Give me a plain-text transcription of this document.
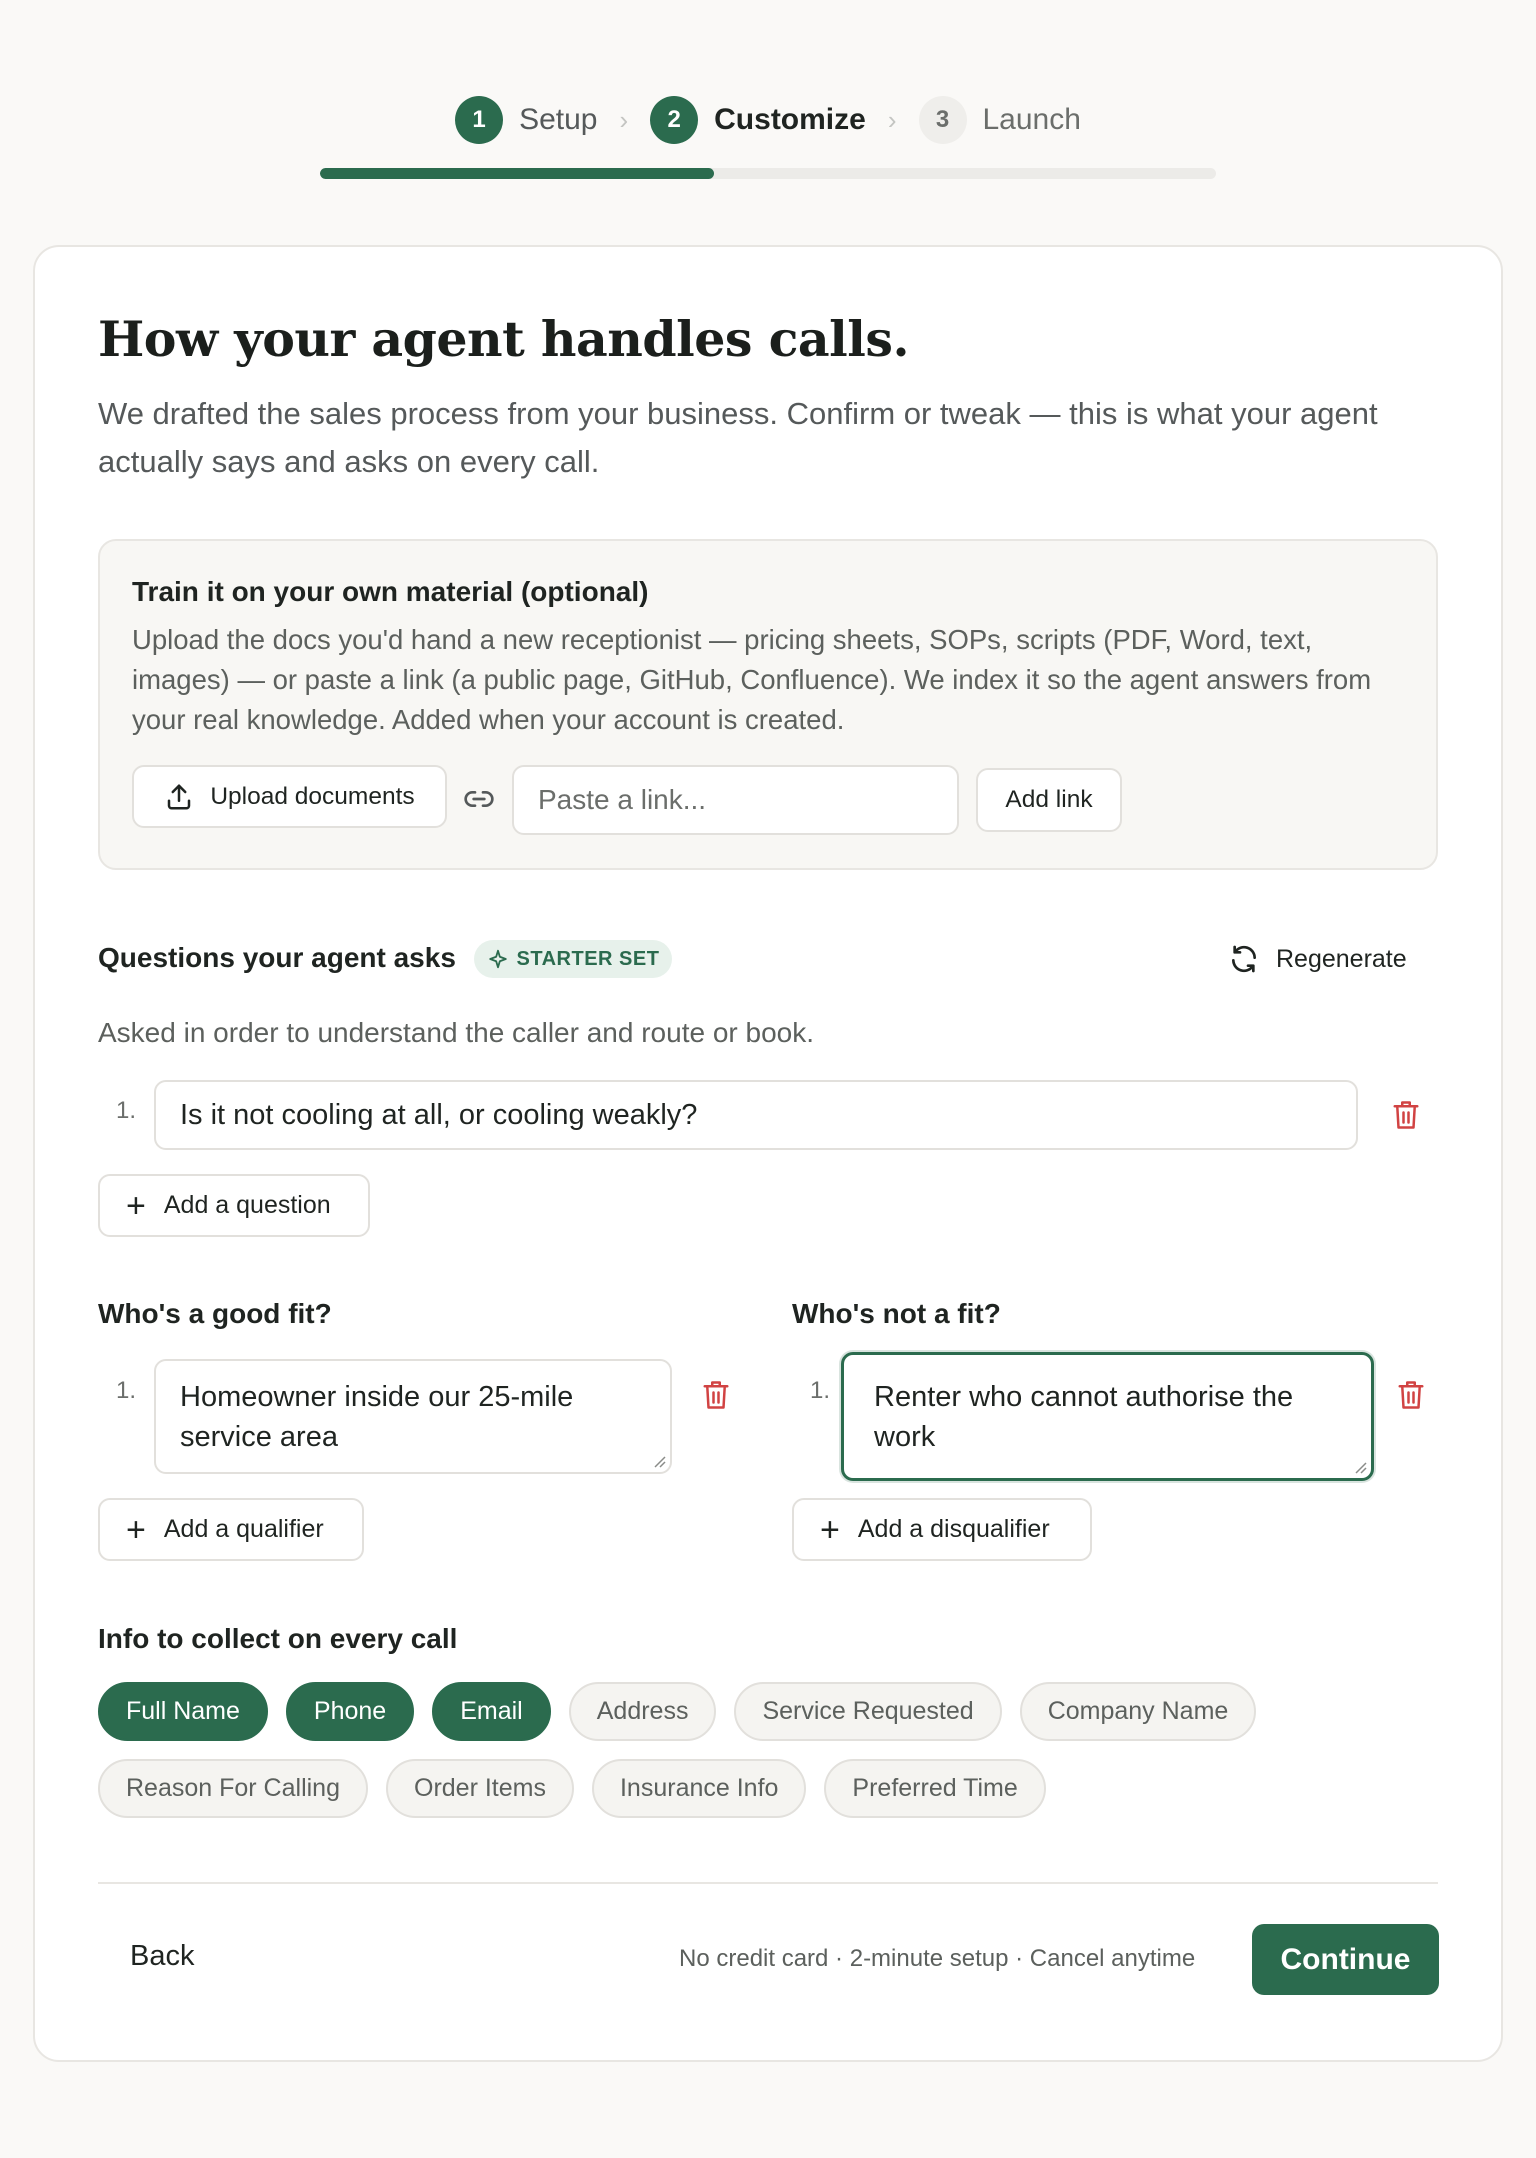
1	Setup ›	2	Customize ›	3	Launch
How your agent handles calls.

We drafted the sales process from your business. Confirm or tweak — this is what your agent actually says and asks on every call.

Train it on your own material (optional)
Upload the docs you'd hand a new receptionist — pricing sheets, SOPs, scripts (PDF, Word, text, images) — or paste a link (a public page, GitHub, Confluence). We index it so the agent answers from your real knowledge. Added when your account is created.
Upload documents
Paste a link...	Add link
Questions your agent asks	STARTER SET	Regenerate
Asked in order to understand the caller and route or book.
1.	Is it not cooling at all, or cooling weakly?
+ Add a question
Who's a good fit?
1.	Homeowner inside our 25-mile service area
+ Add a qualifier
Who's not a fit?
1.	Renter who cannot authorise the work
+ Add a disqualifier
Info to collect on every call
Full Name	Phone	Email	Address	Service Requested	Company Name
Reason For Calling	Order Items	Insurance Info	Preferred Time
Back	No credit card · 2-minute setup · Cancel anytime	Continue
